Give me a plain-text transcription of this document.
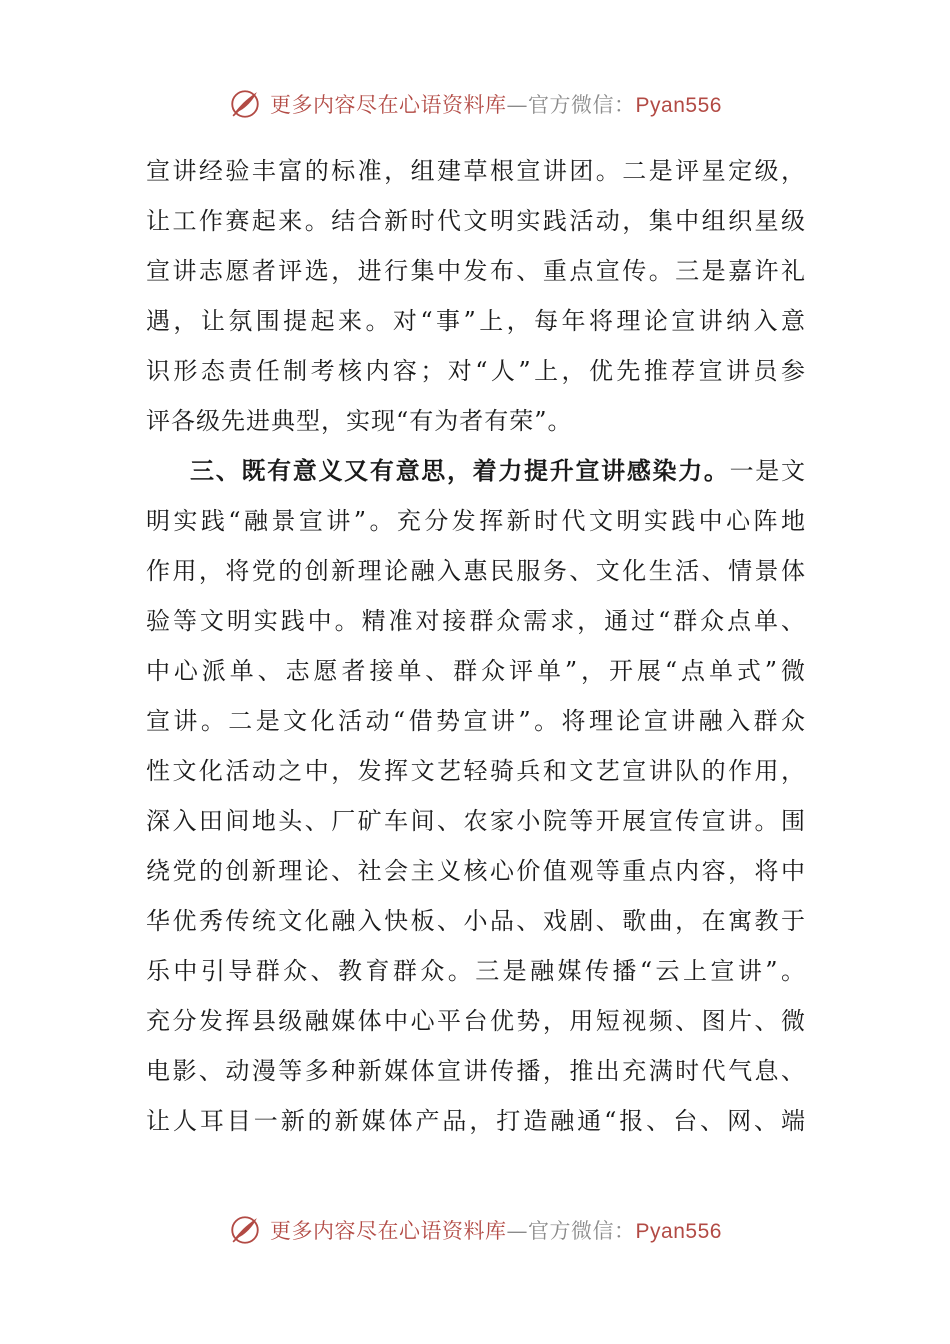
更多内容尽在心语资料库—官方微信：Pyan556
宣讲经验丰富的标准，组建草根宣讲团。二是评星定级，
让工作赛起来。结合新时代文明实践活动，集中组织星级
宣讲志愿者评选，进行集中发布、重点宣传。三是嘉许礼
遇，让氛围提起来。对“事”上，每年将理论宣讲纳入意
识形态责任制考核内容；对“人”上，优先推荐宣讲员参
评各级先进典型，实现“有为者有荣”。
三、既有意义又有意思，着力提升宣讲感染力。一是文
明实践“融景宣讲”。充分发挥新时代文明实践中心阵地
作用，将党的创新理论融入惠民服务、文化生活、情景体
验等文明实践中。精准对接群众需求，通过“群众点单、
中心派单、志愿者接单、群众评单”，开展“点单式”微
宣讲。二是文化活动“借势宣讲”。将理论宣讲融入群众
性文化活动之中，发挥文艺轻骑兵和文艺宣讲队的作用，
深入田间地头、厂矿车间、农家小院等开展宣传宣讲。围
绕党的创新理论、社会主义核心价值观等重点内容，将中
华优秀传统文化融入快板、小品、戏剧、歌曲，在寓教于
乐中引导群众、教育群众。三是融媒传播“云上宣讲”。
充分发挥县级融媒体中心平台优势，用短视频、图片、微
电影、动漫等多种新媒体宣讲传播，推出充满时代气息、
让人耳目一新的新媒体产品，打造融通“报、台、网、端
更多内容尽在心语资料库—官方微信：Pyan556
